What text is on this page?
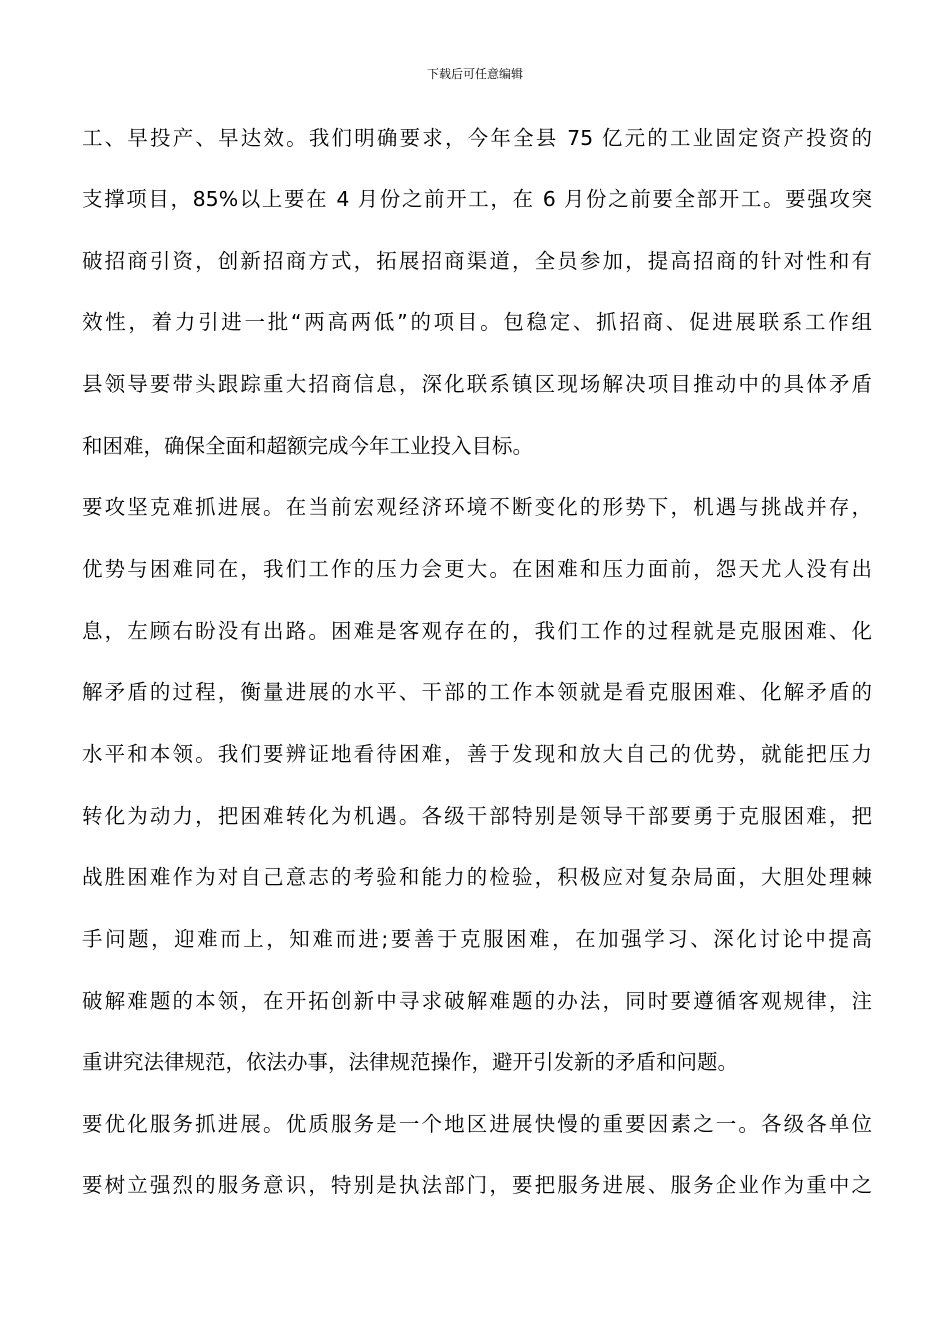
下载后可任意编辑
工、早投产、早达效。我们明确要求，今年全县 75 亿元的工业固定资产投资的
支撑项目，85%以上要在 4 月份之前开工，在 6 月份之前要全部开工。要强攻突
破招商引资，创新招商方式，拓展招商渠道，全员参加，提高招商的针对性和有
效性，着力引进一批“两高两低”的项目。包稳定、抓招商、促进展联系工作组
县领导要带头跟踪重大招商信息，深化联系镇区现场解决项目推动中的具体矛盾
和困难，确保全面和超额完成今年工业投入目标。
要攻坚克难抓进展。在当前宏观经济环境不断变化的形势下，机遇与挑战并存，
优势与困难同在，我们工作的压力会更大。在困难和压力面前，怨天尤人没有出
息，左顾右盼没有出路。困难是客观存在的，我们工作的过程就是克服困难、化
解矛盾的过程，衡量进展的水平、干部的工作本领就是看克服困难、化解矛盾的
水平和本领。我们要辨证地看待困难，善于发现和放大自己的优势，就能把压力
转化为动力，把困难转化为机遇。各级干部特别是领导干部要勇于克服困难，把
战胜困难作为对自己意志的考验和能力的检验，积极应对复杂局面，大胆处理棘
手问题，迎难而上，知难而进;要善于克服困难，在加强学习、深化讨论中提高
破解难题的本领，在开拓创新中寻求破解难题的办法，同时要遵循客观规律，注
重讲究法律规范，依法办事，法律规范操作，避开引发新的矛盾和问题。
要优化服务抓进展。优质服务是一个地区进展快慢的重要因素之一。各级各单位
要树立强烈的服务意识，特别是执法部门，要把服务进展、服务企业作为重中之
